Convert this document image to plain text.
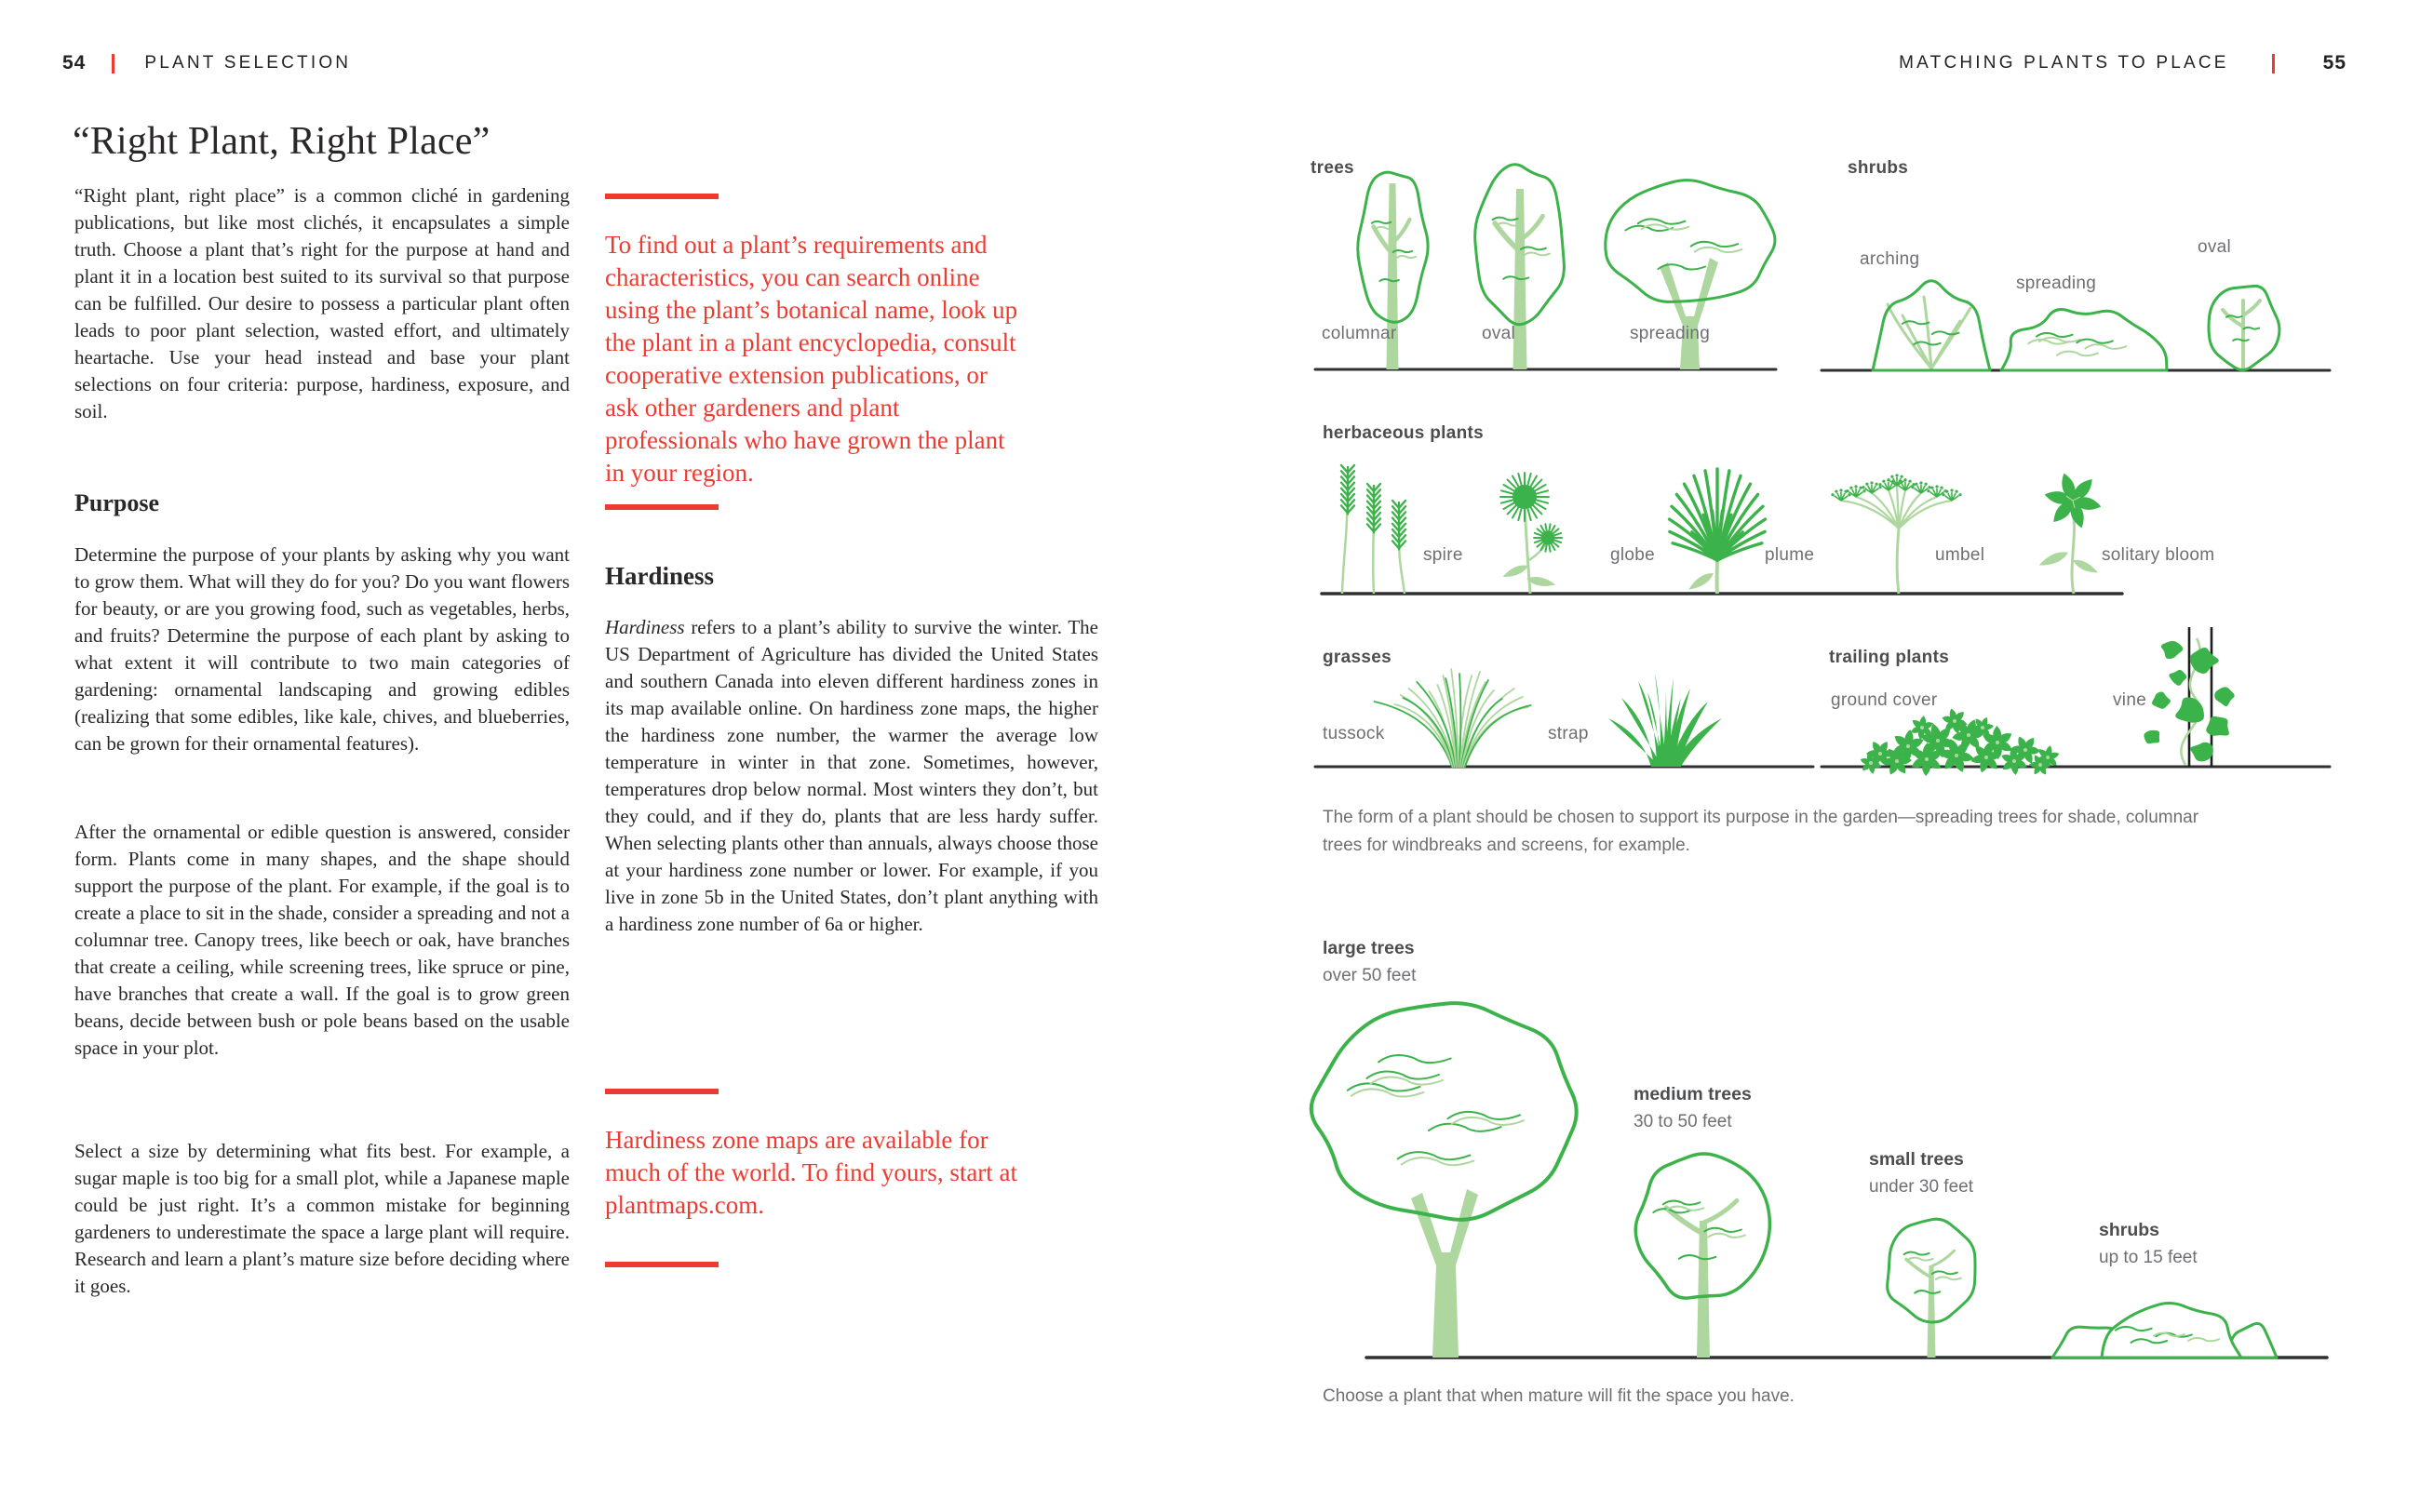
54	PLANT SELECTION
“Right Plant, Right Place”

“Right plant, right place” is a common cliché in gardening publications, but like most clichés, it encapsulates a simple truth. Choose a plant that’s right for the purpose at hand and plant it in a location best suited to its survival so that purpose can be fulfilled. Our desire to possess a particular plant often leads to poor plant selection, wasted effort, and ultimately heartache. Use your head instead and base your plant selections on four criteria: purpose, hardiness, exposure, and soil.

Purpose

Determine the purpose of your plants by asking why you want to grow them. What will they do for you? Do you want flowers for beauty, or are you growing food, such as vegetables, herbs, and fruits? Determine the purpose of each plant by asking to what extent it will contribute to two main categories of gardening: ornamental landscaping and growing edibles (realizing that some edibles, like kale, chives, and blueberries, can be grown for their ornamental features).

After the ornamental or edible question is answered, consider form. Plants come in many shapes, and the shape should support the purpose of the plant. For example, if the goal is to create a place to sit in the shade, consider a spreading and not a columnar tree. Canopy trees, like beech or oak, have branches that create a ceiling, while screening trees, like spruce or pine, have branches that create a wall. If the goal is to grow green beans, decide between bush or pole beans based on the usable space in your plot.

Select a size by determining what fits best. For example, a sugar maple is too big for a small plot, while a Japanese maple could be just right. It’s a common mistake for beginning gardeners to underestimate the space a large plant will require. Research and learn a plant’s mature size before deciding where it goes.

To find out a plant’s requirements and characteristics, you can search online using the plant’s botanical name, look up the plant in a plant encyclopedia, consult cooperative extension publications, or ask other gardeners and plant professionals who have grown the plant in your region.
Hardiness

Hardiness refers to a plant’s ability to survive the winter. The US Department of Agriculture has divided the United States and southern Canada into eleven different hardiness zones in its map available online. On hardiness zone maps, the higher the hardiness zone number, the warmer the average low temperature in winter in that zone. Sometimes, however, temperatures drop below normal. Most winters they don’t, but they could, and if they do, plants that are less hardy suffer. When selecting plants other than annuals, always choose those at your hardiness zone number or lower. For example, if you live in zone 5b in the United States, don’t plant anything with a hardiness zone number of 6a or higher.

Hardiness zone maps are available for much of the world. To find yours, start at plantmaps.com.
MATCHING PLANTS TO PLACE	55
trees	shrubs
herbaceous plants
grasses	trailing plants
columnar	oval	spreading
arching
spreading
oval
spire	globe	plume	umbel	solitary bloom
tussock	strap
ground cover	vine
The form of a plant should be chosen to support its purpose in the garden—spreading trees for shade, columnar trees for windbreaks and screens, for example.
large trees
over 50 feet
medium trees
30 to 50 feet
small trees
under 30 feet
shrubs
up to 15 feet
Choose a plant that when mature will fit the space you have.
